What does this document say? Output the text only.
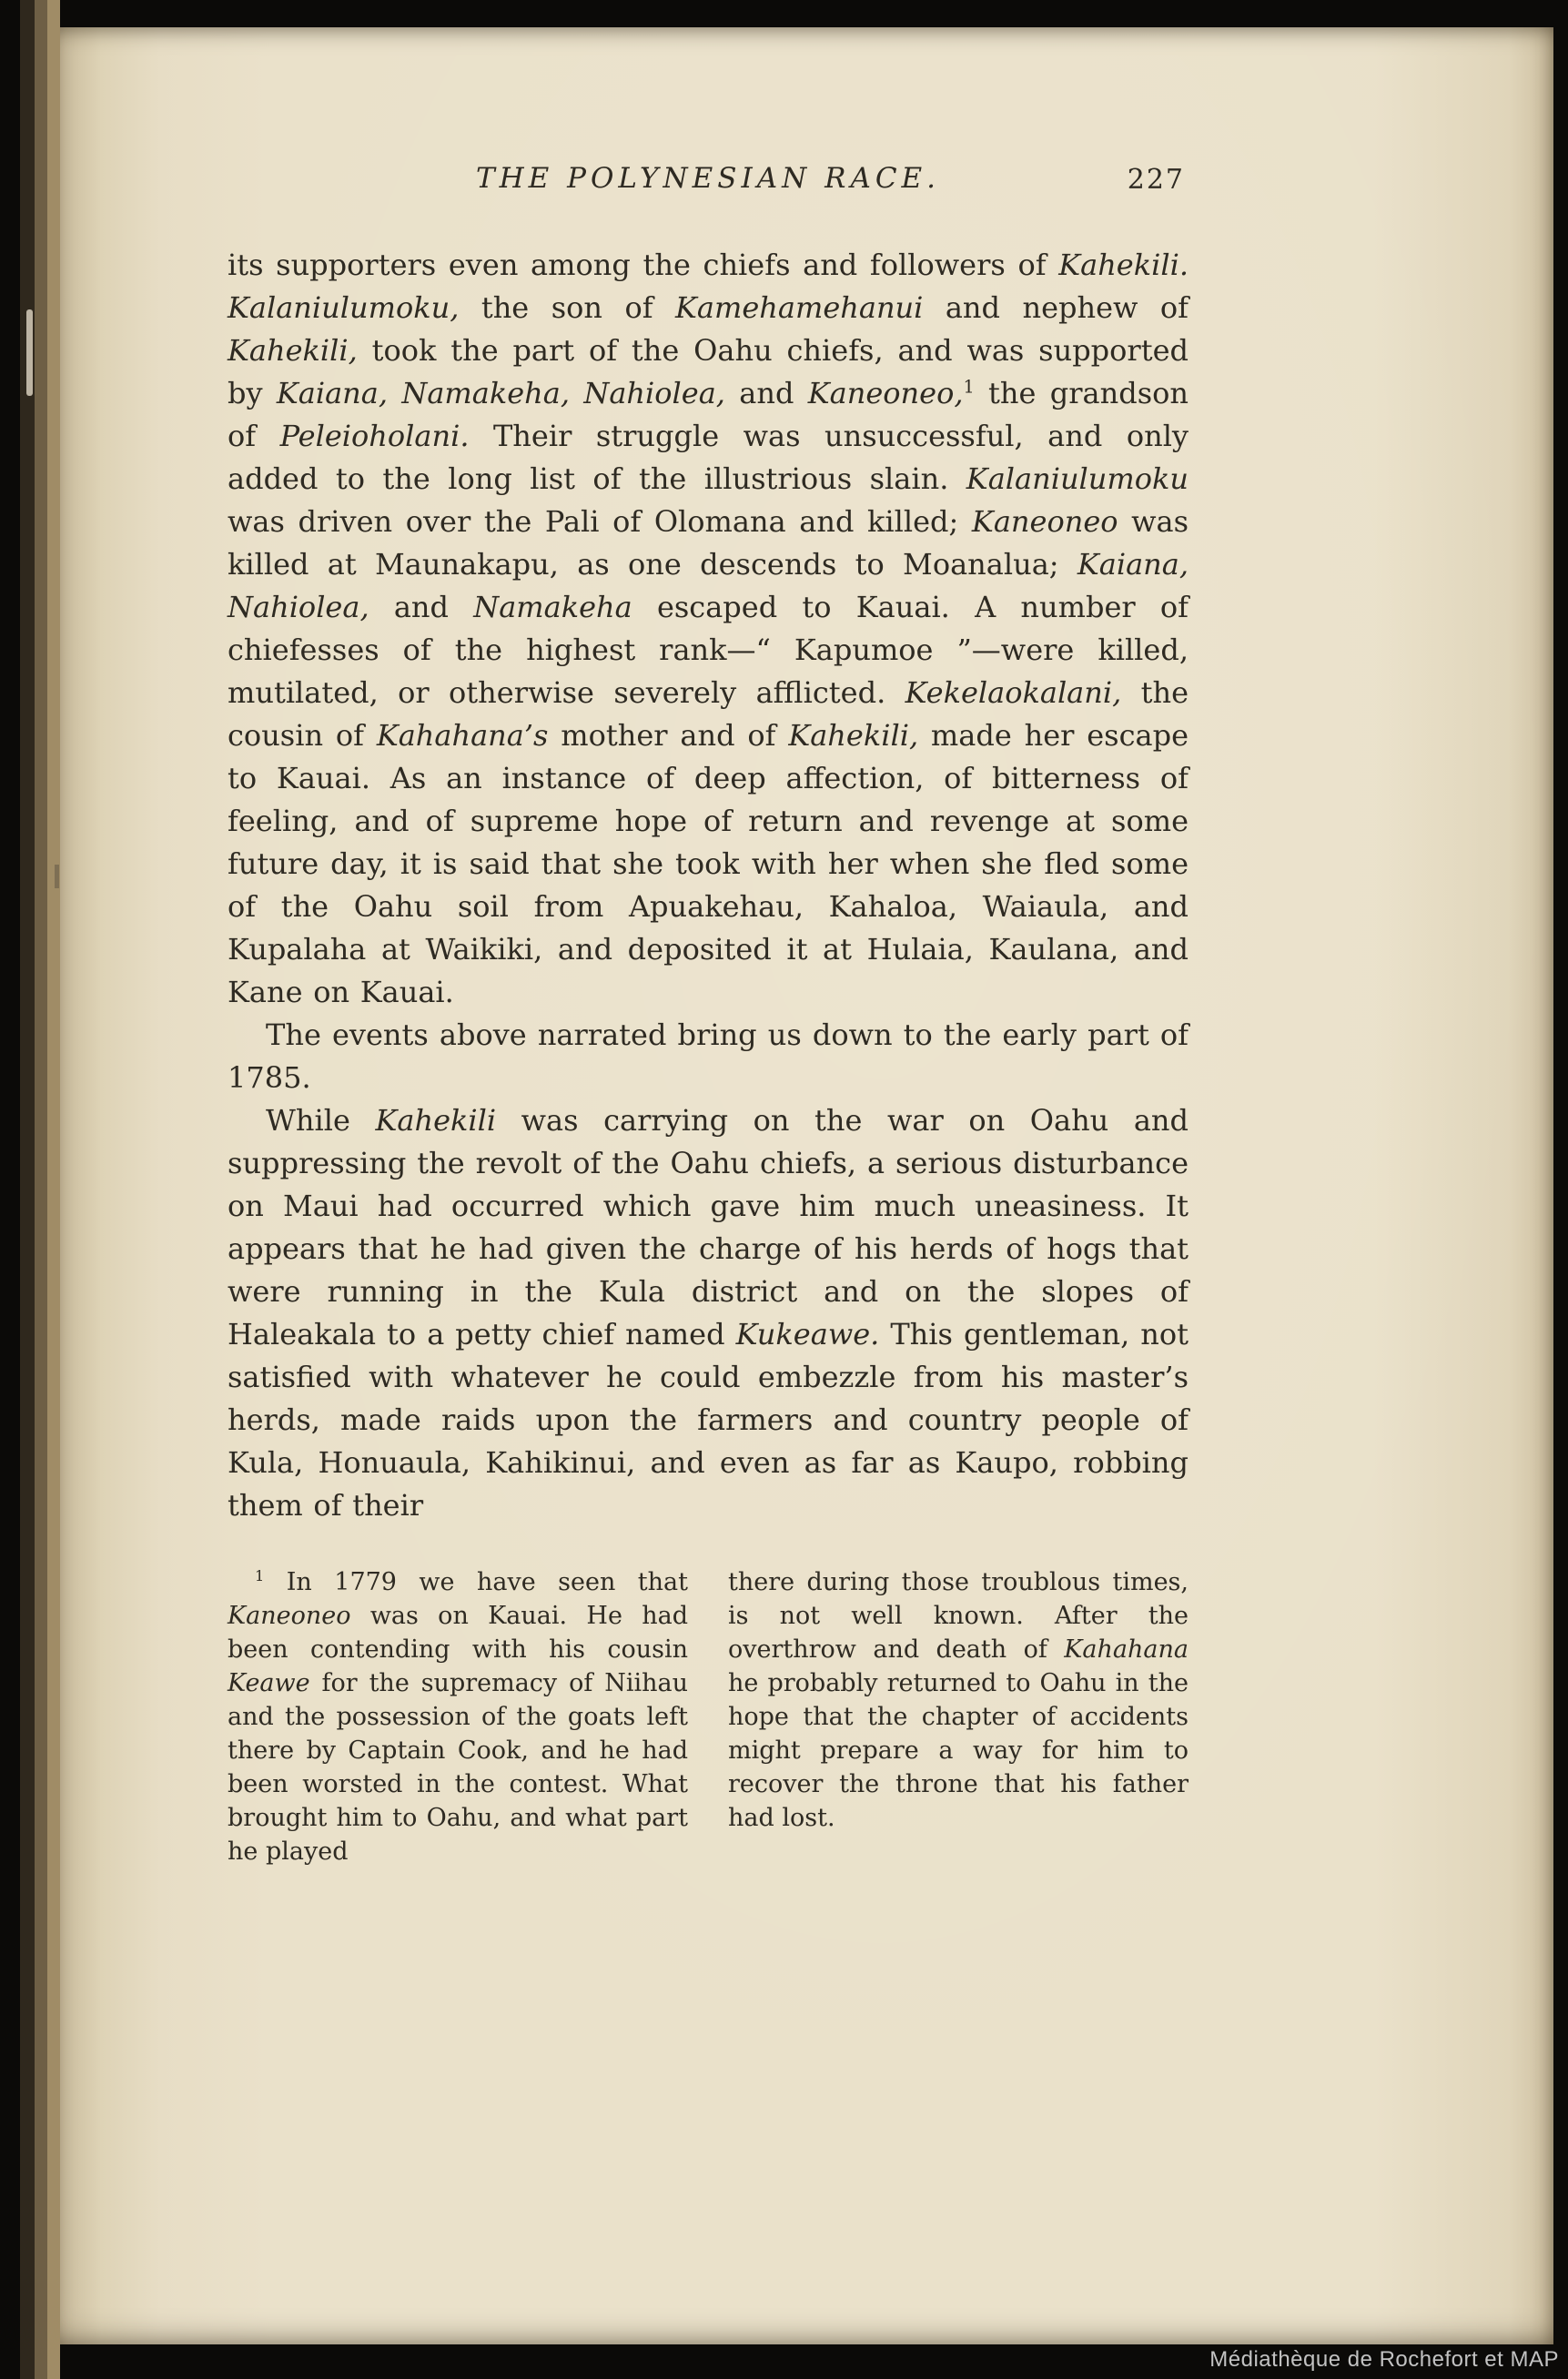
THE POLYNESIAN RACE.	227

its supporters even among the chiefs and followers of Kahekili. Kalaniulumoku, the son of Kamehamehanui and nephew of Kahekili, took the part of the Oahu chiefs, and was supported by Kaiana, Namakeha, Nahiolea, and Kaneoneo,$^1$ the grandson of Peleioholani. Their struggle was unsuccessful, and only added to the long list of the illustrious slain. Kalaniulumoku was driven over the Pali of Olomana and killed; Kaneoneo was killed at Maunakapu, as one descends to Moanalua; Kaiana, Nahiolea, and Namakeha escaped to Kauai. A number of chiefesses of the highest rank—“ Kapumoe ”—were killed, mutilated, or otherwise severely afflicted. Kekelaokalani, the cousin of Kahahana’s mother and of Kahekili, made her escape to Kauai. As an instance of deep affection, of bitterness of feeling, and of supreme hope of return and revenge at some future day, it is said that she took with her when she fled some of the Oahu soil from Apuakehau, Kahaloa, Waiaula, and Kupalaha at Waikiki, and deposited it at Hulaia, Kaulana, and Kane on Kauai.

The events above narrated bring us down to the early part of 1785.

While Kahekili was carrying on the war on Oahu and suppressing the revolt of the Oahu chiefs, a serious disturbance on Maui had occurred which gave him much uneasiness. It appears that he had given the charge of his herds of hogs that were running in the Kula district and on the slopes of Haleakala to a petty chief named Kukeawe. This gentleman, not satisfied with whatever he could embezzle from his master’s herds, made raids upon the farmers and country people of Kula, Honuaula, Kahikinui, and even as far as Kaupo, robbing them of their

$^1$ In 1779 we have seen that Kaneoneo was on Kauai. He had been contending with his cousin Keawe for the supremacy of Niihau and the possession of the goats left there by Captain Cook, and he had been worsted in the contest. What brought him to Oahu, and what part he played
there during those troublous times, is not well known. After the overthrow and death of Kahahana he probably returned to Oahu in the hope that the chapter of accidents might prepare a way for him to recover the throne that his father had lost.
Médiathèque de Rochefort et MAP
